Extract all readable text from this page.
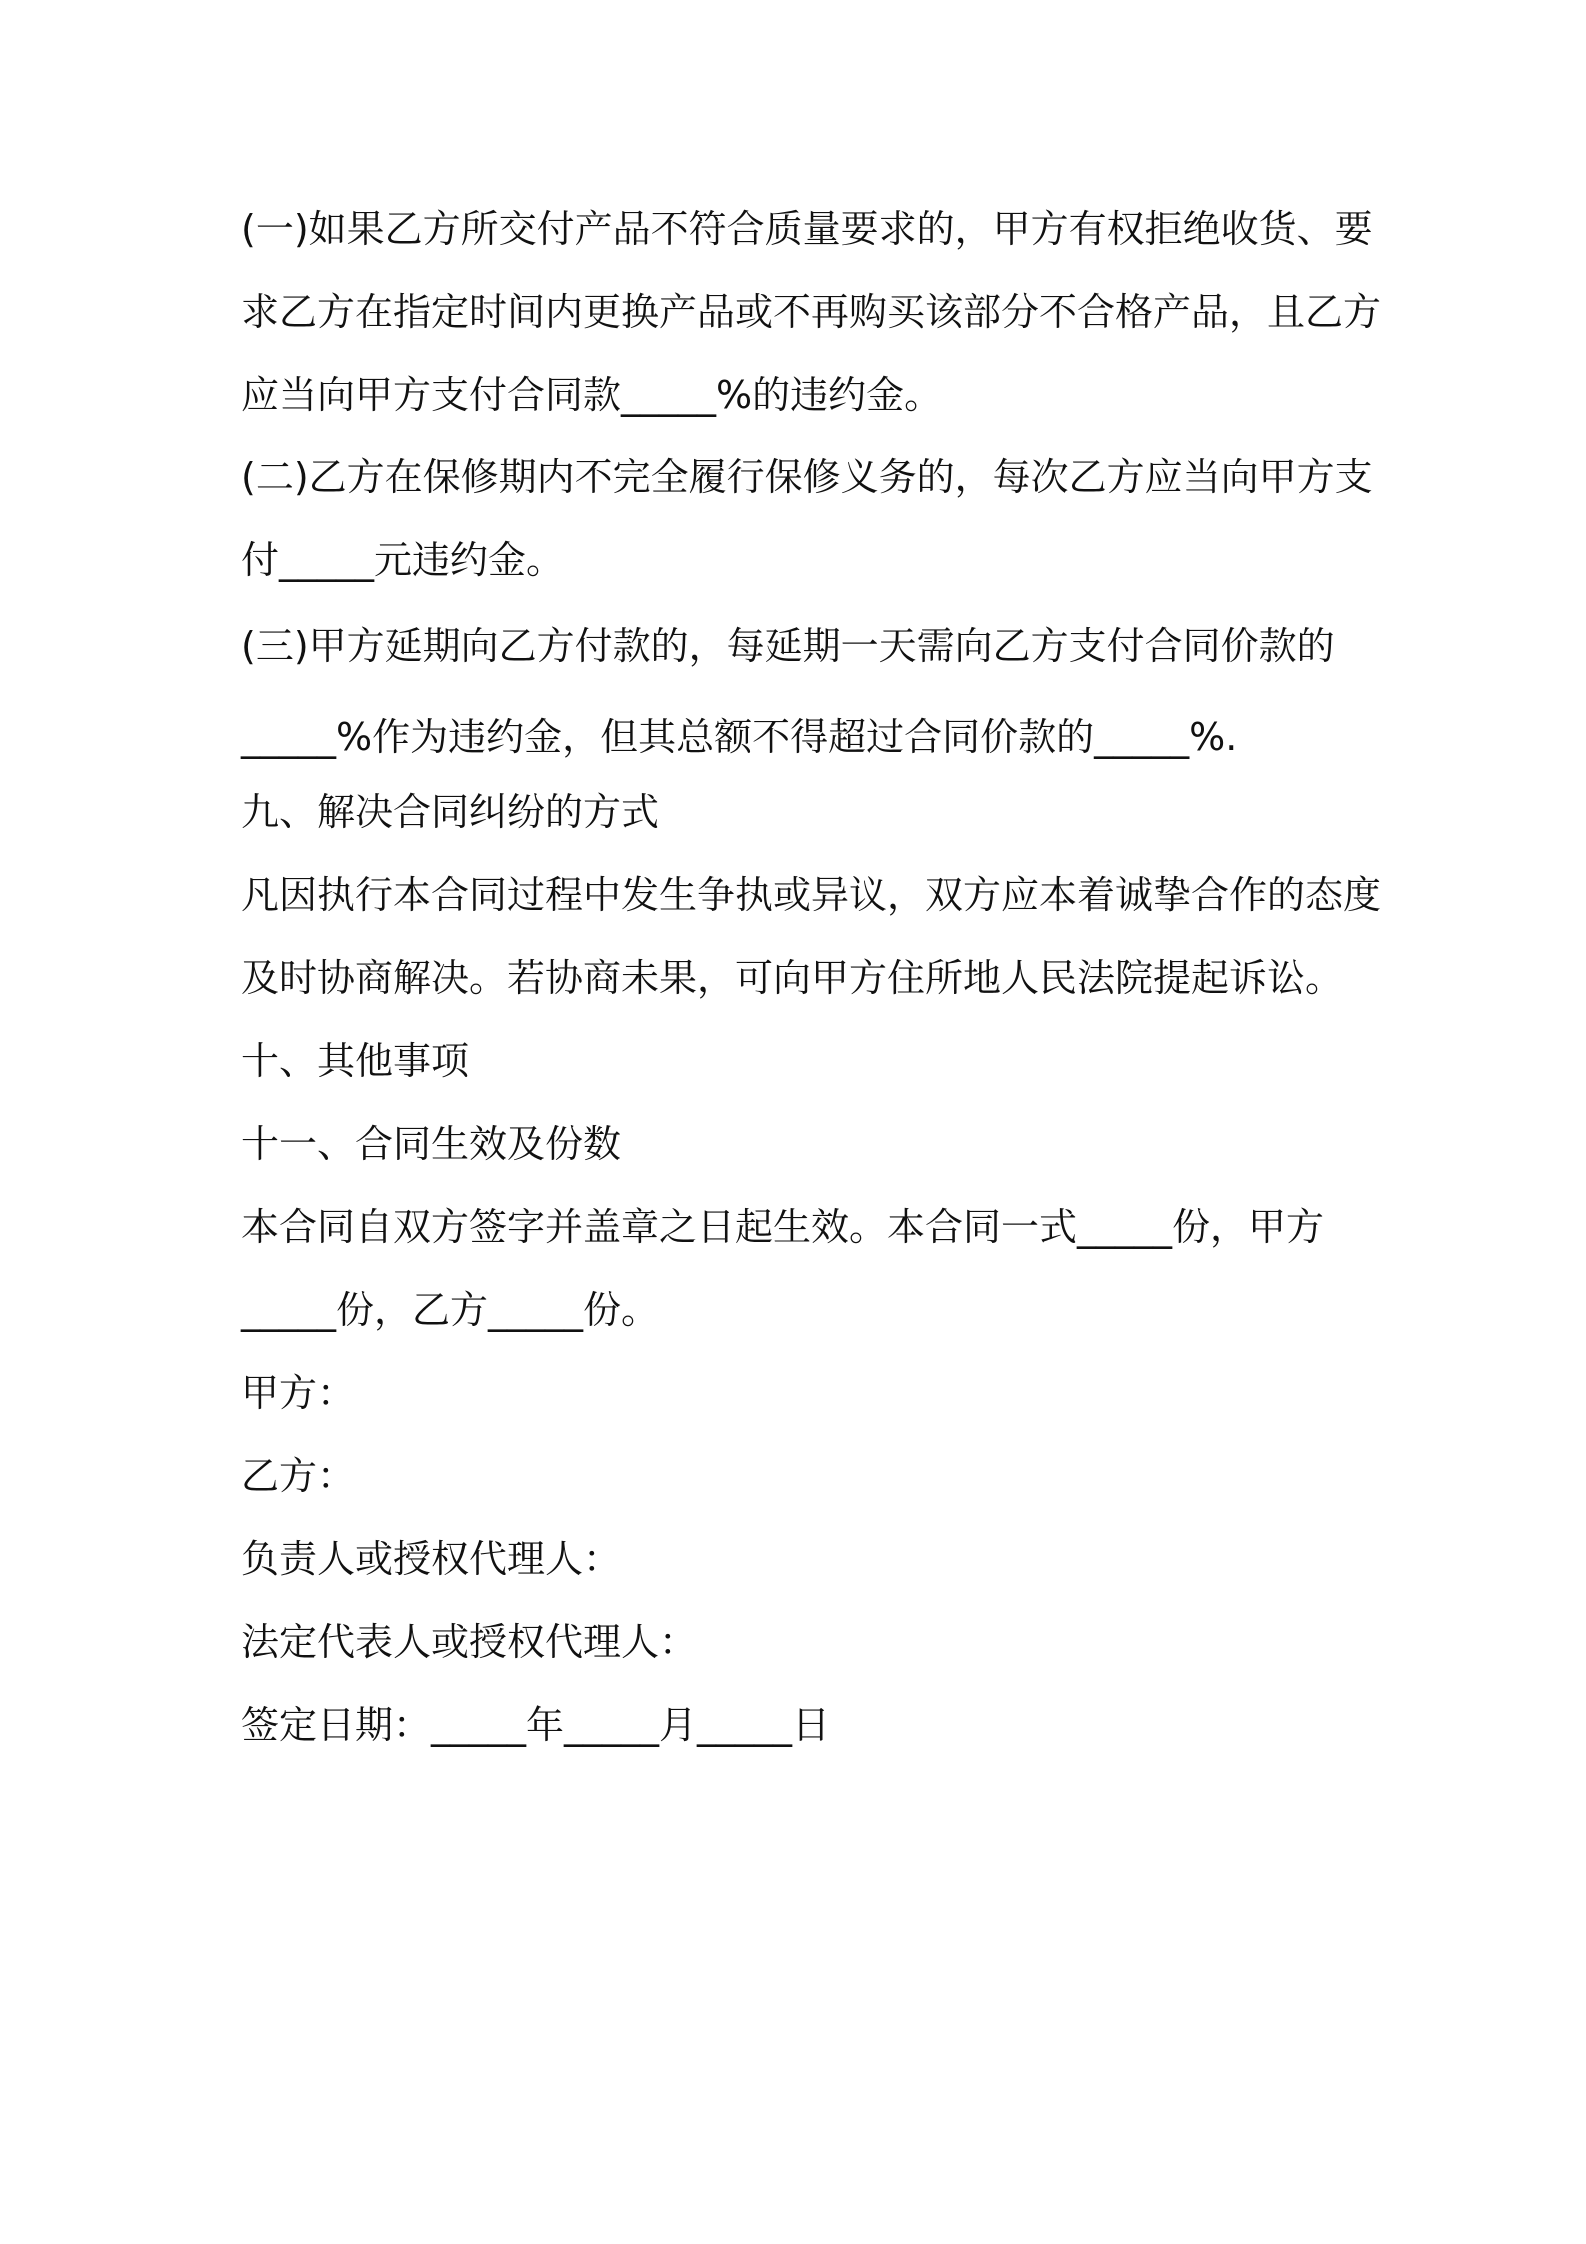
(一)如果乙方所交付产品不符合质量要求的，甲方有权拒绝收货、要

求乙方在指定时间内更换产品或不再购买该部分不合格产品，且乙方

应当向甲方支付合同款_____%的违约金。

(二)乙方在保修期内不完全履行保修义务的，每次乙方应当向甲方支

付_____元违约金。

(三)甲方延期向乙方付款的，每延期一天需向乙方支付合同价款的

_____%作为违约金，但其总额不得超过合同价款的_____%.

九、解决合同纠纷的方式

凡因执行本合同过程中发生争执或异议，双方应本着诚挚合作的态度

及时协商解决。若协商未果，可向甲方住所地人民法院提起诉讼。

十、其他事项

十一、合同生效及份数

本合同自双方签字并盖章之日起生效。本合同一式_____份，甲方

_____份，乙方_____份。

甲方：

乙方：

负责人或授权代理人：

法定代表人或授权代理人：

签定日期：_____年_____月_____日
